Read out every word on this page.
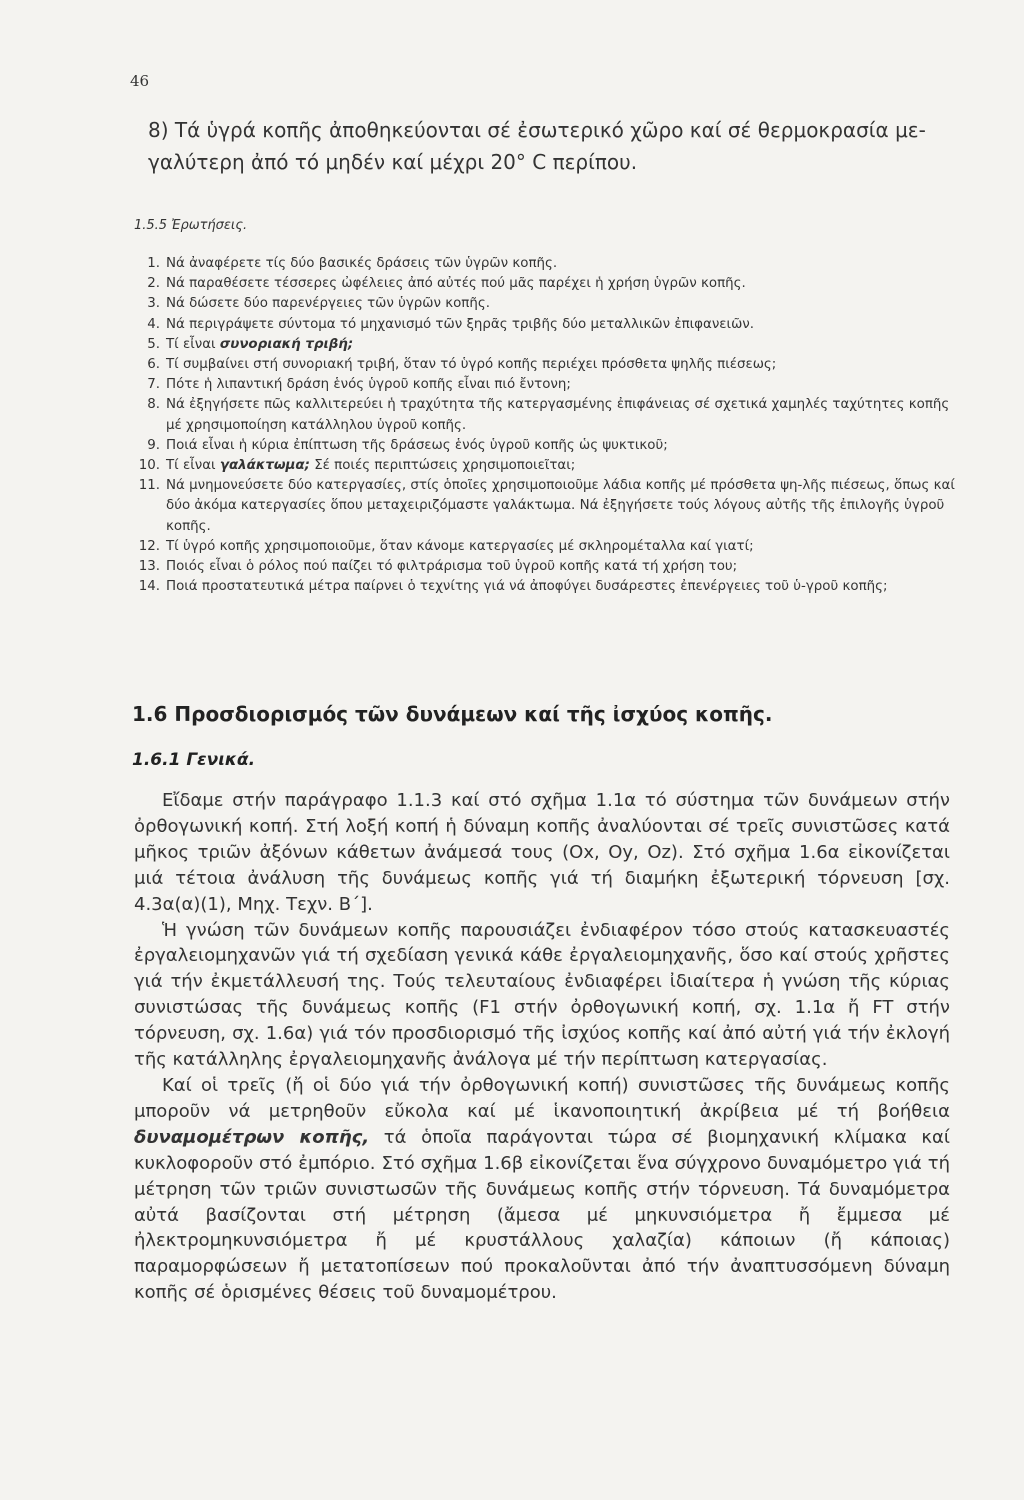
46
8) Τά ὑγρά κοπῆς ἀποθηκεύονται σέ ἐσωτερικό χῶρο καί σέ θερμοκρασία με-
γαλύτερη ἀπό τό μηδέν καί μέχρι 20° C περίπου.
1.5.5 Ἐρωτήσεις.
1. Νά ἀναφέρετε τίς δύο βασικές δράσεις τῶν ὑγρῶν κοπῆς.
2. Νά παραθέσετε τέσσερες ὠφέλειες ἀπό αὐτές πού μᾶς παρέχει ἡ χρήση ὑγρῶν κοπῆς.
3. Νά δώσετε δύο παρενέργειες τῶν ὑγρῶν κοπῆς.
4. Νά περιγράψετε σύντομα τό μηχανισμό τῶν ξηρᾶς τριβῆς δύο μεταλλικῶν ἐπιφανειῶν.
5. Τί εἶναι συνοριακή τριβή;
6. Τί συμβαίνει στή συνοριακή τριβή, ὅταν τό ὑγρό κοπῆς περιέχει πρόσθετα ψηλῆς πιέσεως;
7. Πότε ἡ λιπαντική δράση ἑνός ὑγροῦ κοπῆς εἶναι πιό ἔντονη;
8. Νά ἐξηγήσετε πῶς καλλιτερεύει ἡ τραχύτητα τῆς κατεργασμένης ἐπιφάνειας σέ σχετικά χαμηλές ταχύτητες κοπῆς μέ χρησιμοποίηση κατάλληλου ὑγροῦ κοπῆς.
9. Ποιά εἶναι ἡ κύρια ἐπίπτωση τῆς δράσεως ἑνός ὑγροῦ κοπῆς ὡς ψυκτικοῦ;
10. Τί εἶναι γαλάκτωμα; Σέ ποιές περιπτώσεις χρησιμοποιεῖται;
11. Νά μνημονεύσετε δύο κατεργασίες, στίς ὁποῖες χρησιμοποιοῦμε λάδια κοπῆς μέ πρόσθετα ψη-λῆς πιέσεως, ὅπως καί δύο ἀκόμα κατεργασίες ὅπου μεταχειριζόμαστε γαλάκτωμα. Νά ἐξηγήσετε τούς λόγους αὐτῆς τῆς ἐπιλογῆς ὑγροῦ κοπῆς.
12. Τί ὑγρό κοπῆς χρησιμοποιοῦμε, ὅταν κάνομε κατεργασίες μέ σκληρομέταλλα καί γιατί;
13. Ποιός εἶναι ὁ ρόλος πού παίζει τό φιλτράρισμα τοῦ ὑγροῦ κοπῆς κατά τή χρήση του;
14. Ποιά προστατευτικά μέτρα παίρνει ὁ τεχνίτης γιά νά ἀποφύγει δυσάρεστες ἐπενέργειες τοῦ ὑ-γροῦ κοπῆς;
1.6 Προσδιορισμός τῶν δυνάμεων καί τῆς ἰσχύος κοπῆς.
1.6.1 Γενικά.

Εἴδαμε στήν παράγραφο 1.1.3 καί στό σχῆμα 1.1α τό σύστημα τῶν δυνάμεων στήν ὀρθογωνική κοπή. Στή λοξή κοπή ἡ δύναμη κοπῆς ἀναλύονται σέ τρεῖς συνιστῶσες κατά μῆκος τριῶν ἀξόνων κάθετων ἀνάμεσά τους (Οx, Οy, Οz). Στό σχῆμα 1.6α εἰκονίζεται μιά τέτοια ἀνάλυση τῆς δυνάμεως κοπῆς γιά τή διαμήκη ἐξωτερική τόρνευση [σχ. 4.3α(α)(1), Μηχ. Τεχν. Β΄].

Ἡ γνώση τῶν δυνάμεων κοπῆς παρουσιάζει ἐνδιαφέρον τόσο στούς κατασκευαστές ἐργαλειομηχανῶν γιά τή σχεδίαση γενικά κάθε ἐργαλειομηχανῆς, ὅσο καί στούς χρῆστες γιά τήν ἐκμετάλλευσή της. Τούς τελευταίους ἐνδιαφέρει ἰδιαίτερα ἡ γνώση τῆς κύριας συνιστώσας τῆς δυνάμεως κοπῆς (F1 στήν ὀρθογωνική κοπή, σχ. 1.1α ἤ FT στήν τόρνευση, σχ. 1.6α) γιά τόν προσδιορισμό τῆς ἰσχύος κοπῆς καί ἀπό αὐτή γιά τήν ἐκλογή τῆς κατάλληλης ἐργαλειομηχανῆς ἀνάλογα μέ τήν περίπτωση κατεργασίας.

Καί οἱ τρεῖς (ἤ οἱ δύο γιά τήν ὀρθογωνική κοπή) συνιστῶσες τῆς δυνάμεως κοπῆς μποροῦν νά μετρηθοῦν εὔκολα καί μέ ἱκανοποιητική ἀκρίβεια μέ τή βοήθεια δυναμομέτρων κοπῆς, τά ὁποῖα παράγονται τώρα σέ βιομηχανική κλίμακα καί κυκλοφοροῦν στό ἐμπόριο. Στό σχῆμα 1.6β εἰκονίζεται ἕνα σύγχρονο δυναμόμετρο γιά τή μέτρηση τῶν τριῶν συνιστωσῶν τῆς δυνάμεως κοπῆς στήν τόρνευση. Τά δυναμόμετρα αὐτά βασίζονται στή μέτρηση (ἄμεσα μέ μηκυνσιόμετρα ἤ ἔμμεσα μέ ἠλεκτρομηκυνσιόμετρα ἤ μέ κρυστάλλους χαλαζία) κάποιων (ἤ κάποιας) παραμορφώσεων ἤ μετατοπίσεων πού προκαλοῦνται ἀπό τήν ἀναπτυσσόμενη δύναμη κοπῆς σέ ὁρισμένες θέσεις τοῦ δυναμομέτρου.
